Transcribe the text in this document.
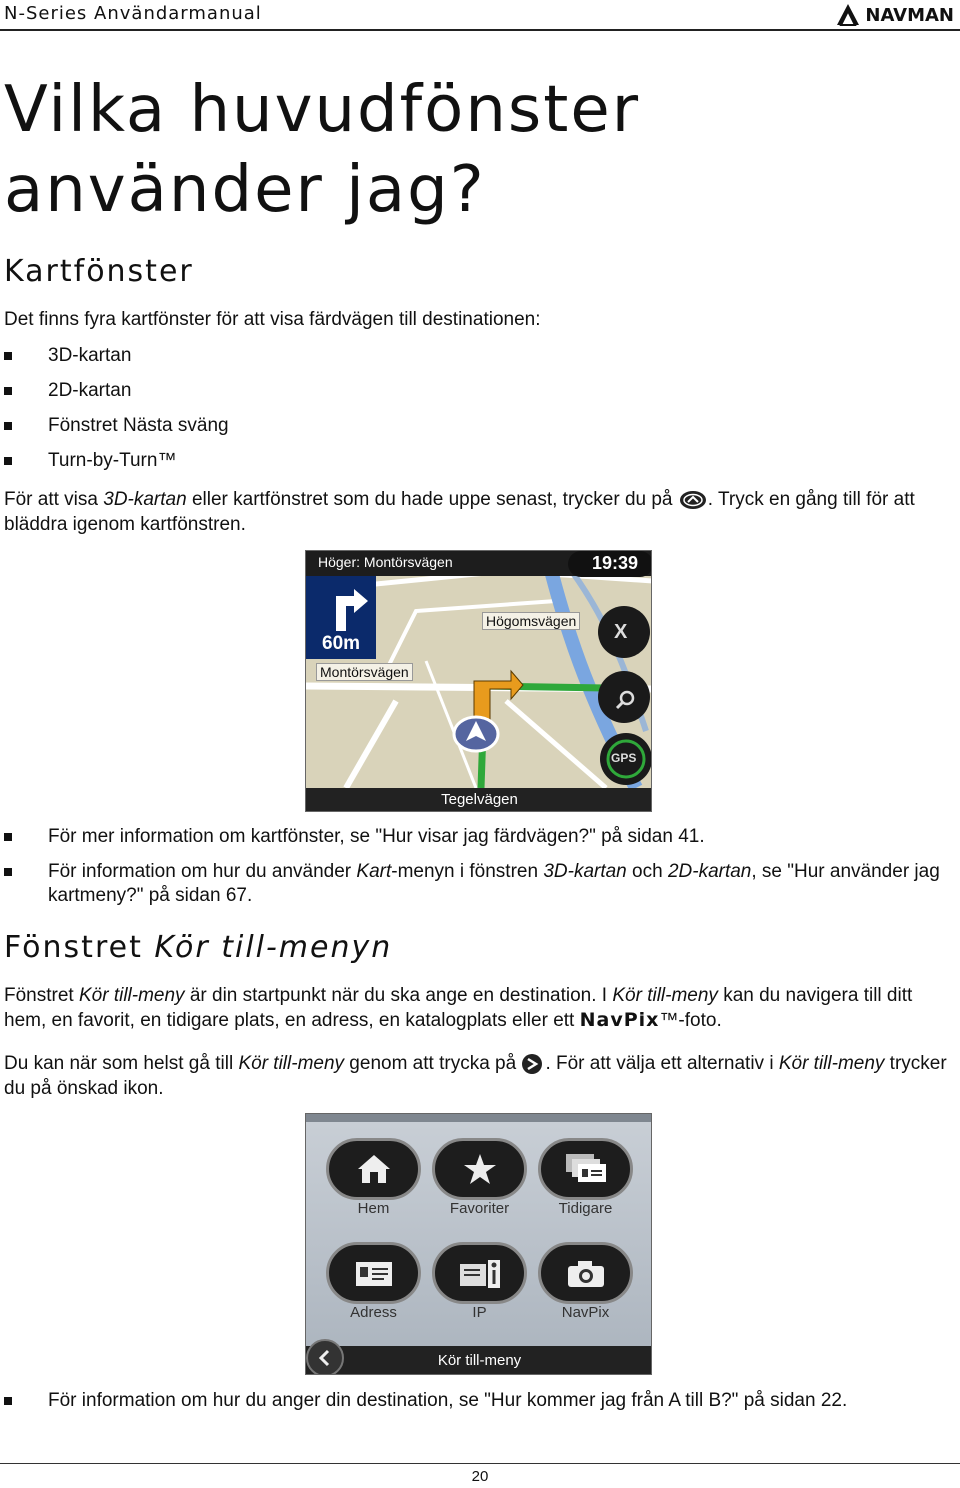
N-Series Användarmanual	NAVMAN
Vilka huvudfönster använder jag?
Kartfönster

Det finns fyra kartfönster för att visa färdvägen till destinationen:

3D-kartan
2D-kartan
Fönstret Nästa sväng
Turn-by-Turn™

För att visa 3D-kartan eller kartfönstret som du hade uppe senast, trycker du på . Tryck en gång till för att bläddra igenom kartfönstren.

Höger: Montörsvägen	19:39
60m
Högomsvägen
Montörsvägen
X
GPS
Tegelvägen
För mer information om kartfönster, se "Hur visar jag färdvägen?" på sidan 41.
För information om hur du använder Kart-menyn i fönstren 3D-kartan och 2D-kartan, se "Hur använder jag kartmeny?" på sidan 67.
Fönstret Kör till-menyn

Fönstret Kör till-meny är din startpunkt när du ska ange en destination. I Kör till-meny kan du navigera till ditt hem, en favorit, en tidigare plats, en adress, en katalogplats eller ett NavPix™-foto.

Du kan när som helst gå till Kör till-meny genom att trycka på . För att välja ett alternativ i Kör till-meny trycker du på önskad ikon.

Hem	Favoriter	Tidigare
Adress	IP	NavPix
Kör till-meny
För information om hur du anger din destination, se "Hur kommer jag från A till B?" på sidan 22.
20
